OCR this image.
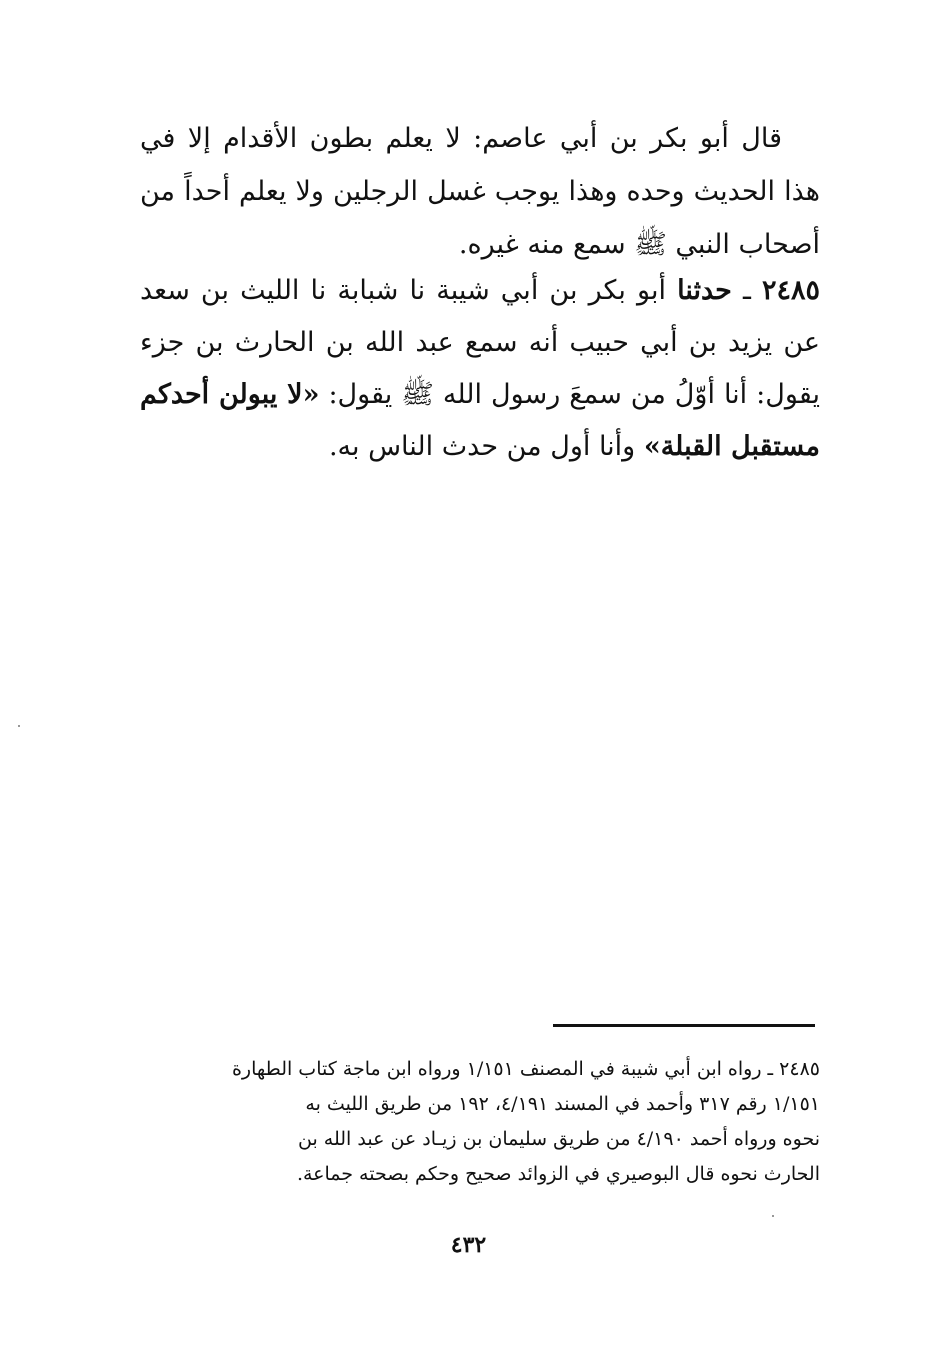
قال أبو بكر بن أبي عاصم: لا يعلم بطون الأقدام إلا في هذا الحديث وحده وهذا يوجب غسل الرجلين ولا يعلم أحداً من أصحاب النبي ﷺ سمع منه غيره.
٢٤٨٥ ـ حدثنا أبو بكر بن أبي شيبة نا شبابة نا الليث بن سعد عن يزيد بن أبي حبيب أنه سمع عبد الله بن الحارث بن جزء يقول: أنا أوّلُ من سمعَ رسول الله ﷺ يقول: «لا يبولن أحدكم مستقبل القبلة» وأنا أول من حدث الناس به.
٢٤٨٥ ـ رواه ابن أبي شيبة في المصنف ١/١٥١ ورواه ابن ماجة كتاب الطهارة
١/١٥١ رقم ٣١٧ وأحمد في المسند ٤/١٩١، ١٩٢ من طريق الليث به
نحوه ورواه أحمد ٤/١٩٠ من طريق سليمان بن زيـاد عن عبد الله بن
الحارث نحوه قال البوصيري في الزوائد صحيح وحكم بصحته جماعة.
٤٣٢
